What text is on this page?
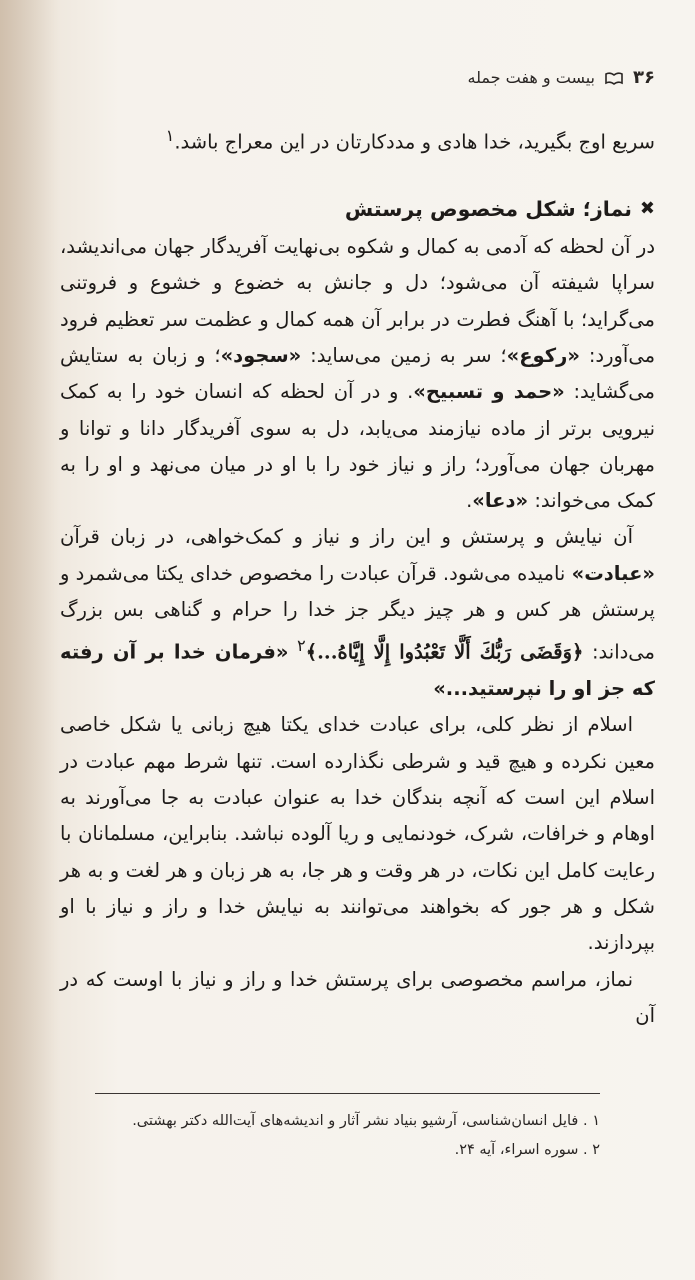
۳۶
بیست و هفت جمله

سریع اوج بگیرید، خدا هادی و مددکارتان در این معراج باشد.$^۱$

✖
نماز؛ شکل مخصوص پرستش

در آن لحظه که آدمی به کمال و شکوه بی‌نهایت آفریدگار جهان می‌اندیشد، سراپا شیفته آن می‌شود؛ دل و جانش به خضوع و خشوع و فروتنی می‌گراید؛ با آهنگ فطرت در برابر آن همه کمال و عظمت سر تعظیم فرود می‌آورد: «رکوع»؛ سر به زمین می‌ساید: «سجود»؛ و زبان به ستایش می‌گشاید: «حمد و تسبیح». و در آن لحظه که انسان خود را به کمک نیرویی برتر از ماده نیازمند می‌یابد، دل به سوی آفریدگار دانا و توانا و مهربان جهان می‌آورد؛ راز و نیاز خود را با او در میان می‌نهد و او را به کمک می‌خواند: «دعا».

آن نیایش و پرستش و این راز و نیاز و کمک‌خواهی، در زبان قرآن «عبادت» نامیده می‌شود. قرآن عبادت را مخصوص خدای یکتا می‌شمرد و پرستش هر کس و هر چیز دیگر جز خدا را حرام و گناهی بس بزرگ می‌داند: ﴿وَقَضَى رَبُّكَ أَلَّا تَعْبُدُوا إِلَّا إِيَّاهُ...﴾$^۲$ «فرمان خدا بر آن رفته که جز او را نپرستید...»

اسلام از نظر کلی، برای عبادت خدای یکتا هیچ زبانی یا شکل خاصی معین نکرده و هیچ قید و شرطی نگذارده است. تنها شرط مهم عبادت در اسلام این است که آنچه بندگان خدا به عنوان عبادت به جا می‌آورند به اوهام و خرافات، شرک، خودنمایی و ریا آلوده نباشد. بنابراین، مسلمانان با رعایت کامل این نکات، در هر وقت و هر جا، به هر زبان و هر لغت و به هر شکل و هر جور که بخواهند می‌توانند به نیایش خدا و راز و نیاز با او بپردازند.

نماز، مراسم مخصوصی برای پرستش خدا و راز و نیاز با اوست که در آن

۱ . فایل انسان‌شناسی، آرشیو بنیاد نشر آثار و اندیشه‌های آیت‌الله دکتر بهشتی.

۲ . سوره اسراء، آیه ۲۴.
